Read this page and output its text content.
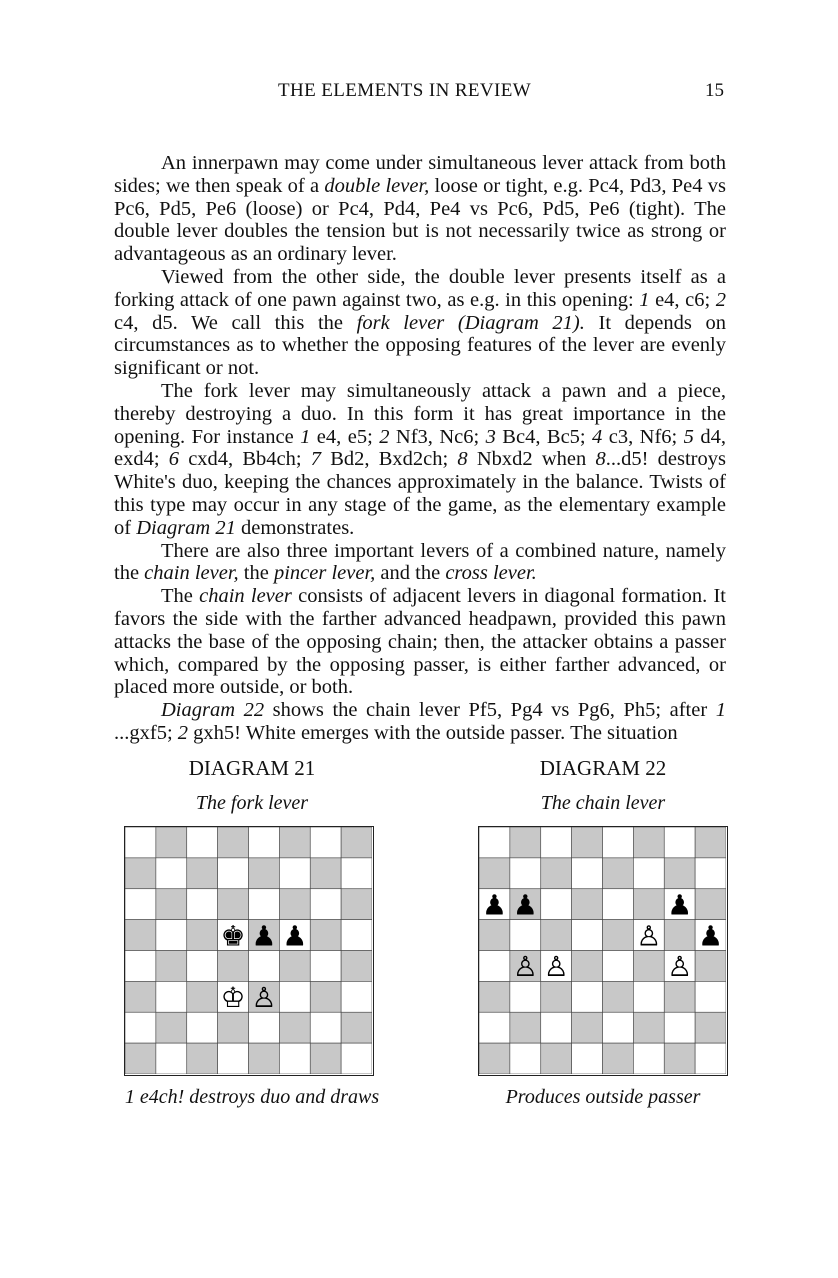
THE ELEMENTS IN REVIEW	15

An innerpawn may come under simultaneous lever attack from both sides; we then speak of a double lever, loose or tight, e.g. Pc4, Pd3, Pe4 vs Pc6, Pd5, Pe6 (loose) or Pc4, Pd4, Pe4 vs Pc6, Pd5, Pe6 (tight). The double lever doubles the tension but is not necessarily twice as strong or advantageous as an ordinary lever.

Viewed from the other side, the double lever presents itself as a forking attack of one pawn against two, as e.g. in this opening: 1 e4, c6; 2 c4, d5. We call this the fork lever (Diagram 21). It depends on circumstances as to whether the opposing features of the lever are evenly significant or not.

The fork lever may simultaneously attack a pawn and a piece, thereby destroying a duo. In this form it has great importance in the opening. For instance 1 e4, e5; 2 Nf3, Nc6; 3 Bc4, Bc5; 4 c3, Nf6; 5 d4, exd4; 6 cxd4, Bb4ch; 7 Bd2, Bxd2ch; 8 Nbxd2 when 8...d5! destroys White's duo, keeping the chances approximately in the balance. Twists of this type may occur in any stage of the game, as the elementary example of Diagram 21 demonstrates.

There are also three important levers of a combined nature, namely the chain lever, the pincer lever, and the cross lever.

The chain lever consists of adjacent levers in diagonal formation. It favors the side with the farther advanced headpawn, provided this pawn attacks the base of the opposing chain; then, the attacker obtains a passer which, compared by the opposing passer, is either farther advanced, or placed more outside, or both.

Diagram 22 shows the chain lever Pf5, Pg4 vs Pg6, Ph5; after 1 ...gxf5; 2 gxh5! White emerges with the outside passer. The situation

DIAGRAM 21
The fork lever
1 e4ch! destroys duo and draws
DIAGRAM 22
The chain lever
Produces outside passer
